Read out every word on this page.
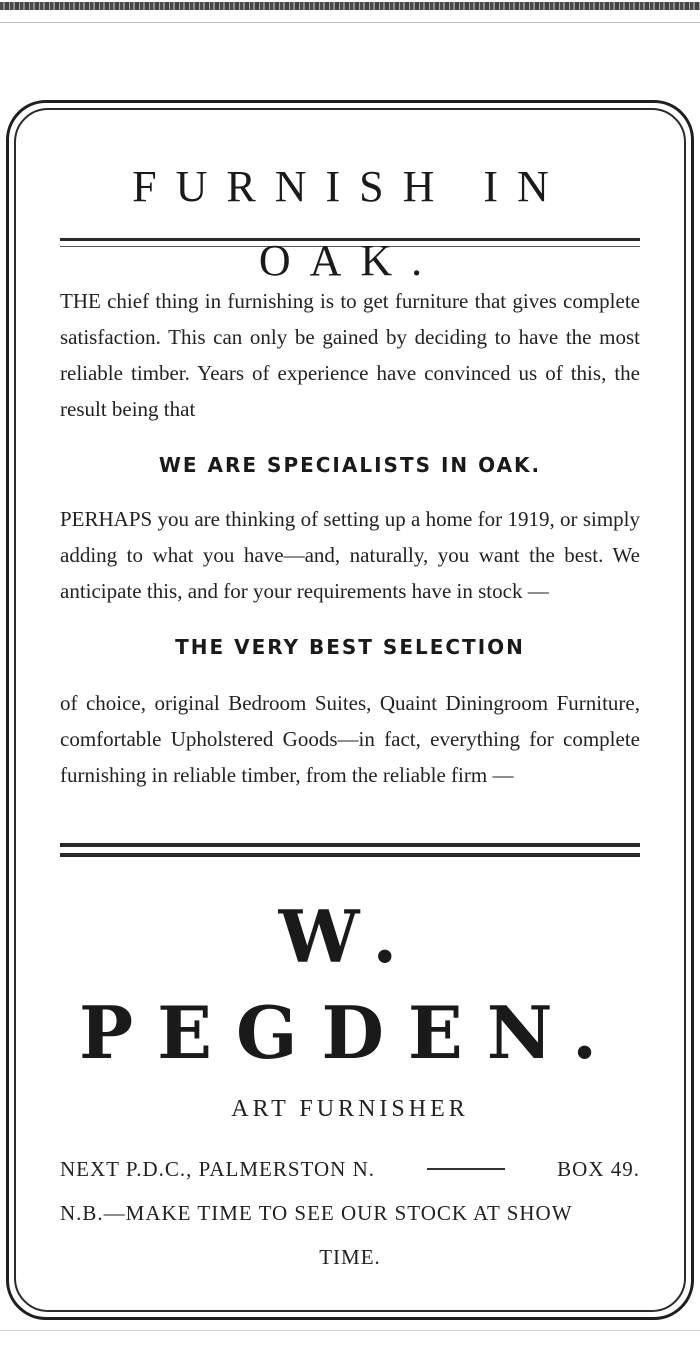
FURNISH IN OAK.

THE chief thing in furnishing is to get furniture that gives complete satisfaction. This can only be gained by deciding to have the most reliable timber. Years of experience have convinced us of this, the result being that

WE ARE SPECIALISTS IN OAK.

PERHAPS you are thinking of setting up a home for 1919, or simply adding to what you have—and, naturally, you want the best. We anticipate this, and for your requirements have in stock —

THE VERY BEST SELECTION

of choice, original Bedroom Suites, Quaint Diningroom Furniture, comfortable Upholstered Goods—in fact, everything for complete furnishing in reliable timber, from the reliable firm —

W. PEGDEN.

ART FURNISHER

NEXT P.D.C., PALMERSTON N.	BOX 49.

N.B.—MAKE TIME TO SEE OUR STOCK AT SHOW

TIME.
